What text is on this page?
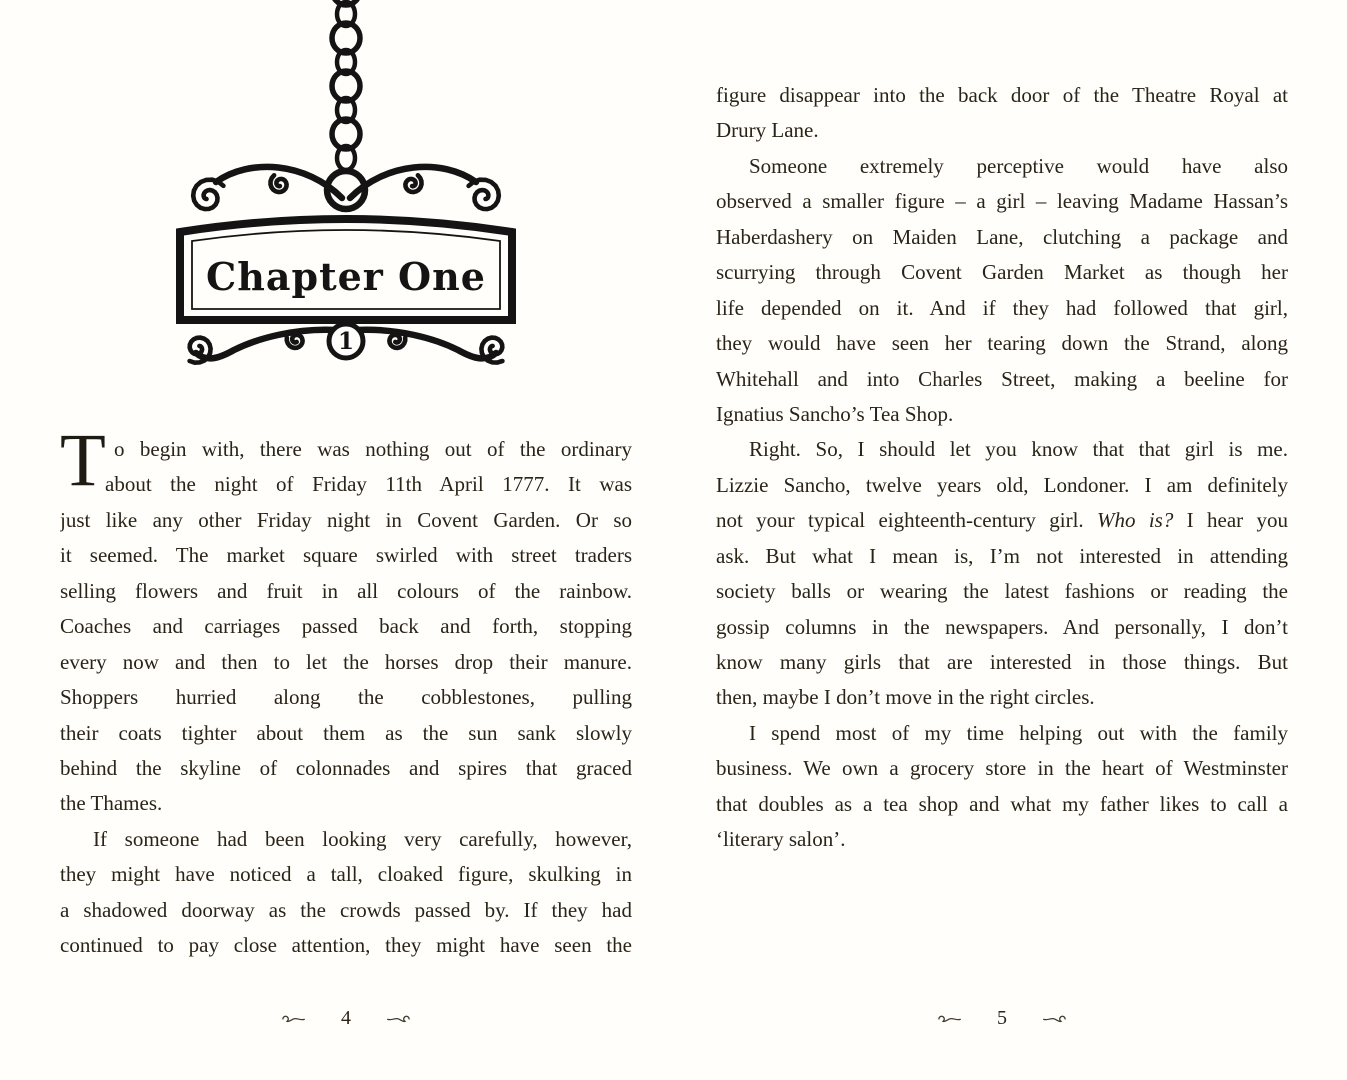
Chapter One
1
T o begin with, there was nothing out of the ordinary
about the night of Friday 11th April 1777. It was
just like any other Friday night in Covent Garden. Or so
it seemed. The market square swirled with street traders
selling flowers and fruit in all colours of the rainbow.
Coaches and carriages passed back and forth, stopping
every now and then to let the horses drop their manure.
Shoppers hurried along the cobblestones, pulling
their coats tighter about them as the sun sank slowly
behind the skyline of colonnades and spires that graced
the Thames.
If someone had been looking very carefully, however,
they might have noticed a tall, cloaked figure, skulking in
a shadowed doorway as the crowds passed by. If they had
continued to pay close attention, they might have seen the
4
figure disappear into the back door of the Theatre Royal at
Drury Lane.
Someone extremely perceptive would have also
observed a smaller figure – a girl – leaving Madame Hassan’s
Haberdashery on Maiden Lane, clutching a package and
scurrying through Covent Garden Market as though her
life depended on it. And if they had followed that girl,
they would have seen her tearing down the Strand, along
Whitehall and into Charles Street, making a beeline for
Ignatius Sancho’s Tea Shop.
Right. So, I should let you know that that girl is me.
Lizzie Sancho, twelve years old, Londoner. I am definitely
not your typical eighteenth-century girl. Who is? I hear you
ask. But what I mean is, I’m not interested in attending
society balls or wearing the latest fashions or reading the
gossip columns in the newspapers. And personally, I don’t
know many girls that are interested in those things. But
then, maybe I don’t move in the right circles.
I spend most of my time helping out with the family
business. We own a grocery store in the heart of Westminster
that doubles as a tea shop and what my father likes to call a
‘literary salon’.
5
